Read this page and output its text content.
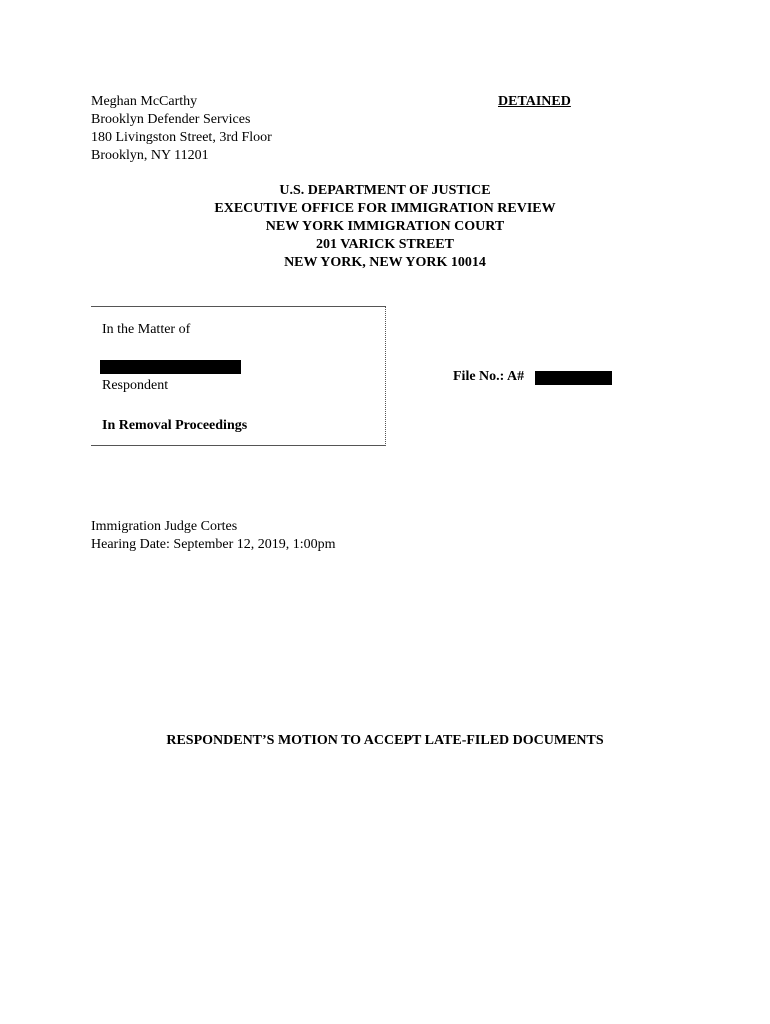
Meghan McCarthy
Brooklyn Defender Services
180 Livingston Street, 3rd Floor
Brooklyn, NY 11201
DETAINED
U.S. DEPARTMENT OF JUSTICE
EXECUTIVE OFFICE FOR IMMIGRATION REVIEW
NEW YORK IMMIGRATION COURT
201 VARICK STREET
NEW YORK, NEW YORK 10014
In the Matter of
Respondent
In Removal Proceedings
File No.: A#
Immigration Judge Cortes
Hearing Date: September 12, 2019, 1:00pm
RESPONDENT’S MOTION TO ACCEPT LATE-FILED DOCUMENTS
